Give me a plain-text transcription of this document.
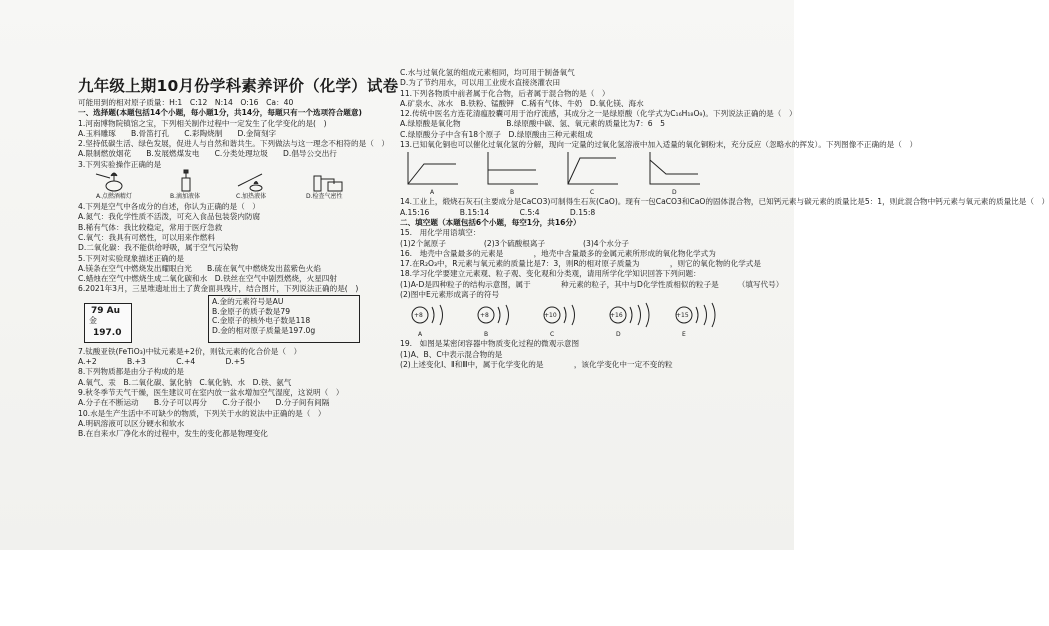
九年级上期10月份学科素养评价（化学）试卷
可能用到的相对原子质量：H:1　C:12　N:14　O:16　Ca：40
一、选择题(本题包括14个小题，每小题1分，共14分，每题只有一个选项符合题意)
1.河南博物院镇馆之宝，下列相关制作过程中一定发生了化学变化的是(　)
A.玉料雕琢　　B.骨笛打孔　　C.彩陶烧制　　D.金简刻字
2.坚持低碳生活、绿色发展，促进人与自然和谐共生。下列做法与这一理念不相符的是（　）
A.限制燃放烟花　　B.发展燃煤发电　　C.分类处理垃圾　　D.倡导公交出行
3.下列实验操作正确的是
A.点燃酒精灯	B.滴加液体	C.加热液体	D.检查气密性
4.下列是空气中各成分的自述，你认为正确的是（　）
A.氮气：我化学性质不活泼，可充入食品包装袋内防腐
B.稀有气体：我比较稳定，常用于医疗急救
C.氧气：我具有可燃性，可以用来作燃料
D.二氧化碳：我不能供给呼吸，属于空气污染物
5.下列对实验现象描述正确的是
A.镁条在空气中燃烧发出耀眼白光　　B.硫在氧气中燃烧发出蓝紫色火焰
C.蜡烛在空气中燃烧生成二氧化碳和水　D.铁丝在空气中剧烈燃烧，火星四射
6.2021年3月，三星堆遗址出土了黄金面具残片，结合图片，下列说法正确的是(　)
79 Au
金
197.0
A.金的元素符号是AU
B.金原子的质子数是79
C.金原子的核外电子数是118
D.金的相对原子质量是197.0g
7.钛酸亚铁(FeTiO₃)中钛元素是+2价，则钛元素的化合价是（　）
A.+2　　　　B.+3　　　　C.+4　　　　D.+5
8.下列物质都是由分子构成的是
A.氧气、汞　B.二氧化碳、氯化钠　C.氧化钠、水　D.铁、氨气
9.秋冬季节天气干燥，医生建议可在室内放一盆水增加空气湿度，这说明（　）
A.分子在不断运动　　B.分子可以再分　　C.分子很小　　D.分子间有间隔
10.水是生产生活中不可缺少的物质，下列关于水的说法中正确的是（　）
A.明矾溶液可以区分硬水和软水
B.在自来水厂净化水的过程中，发生的变化都是物理变化
C.水与过氧化氢的组成元素相同，均可用于制备氧气
D.为了节约用水，可以用工业废水直接浇灌农田
11.下列各物质中前者属于化合物，后者属于混合物的是（　）
A.矿泉水、冰水　B.铁粉、锰酸钾　C.稀有气体、牛奶　D.氧化镁、海水
12.传统中医名方连花清瘟胶囊可用于治疗流感，其成分之一是绿原酸（化学式为C₁₆H₁₈O₉)。下列说法正确的是（　）
A.绿原酸是氧化物　　　　　　B.绿原酸中碳、氢、氧元素的质量比为7：6　5
C.绿原酸分子中含有18个原子　D.绿原酸由三种元素组成
13.已知氧化铜也可以催化过氧化氢的分解，现向一定量的过氧化氢溶液中加入适量的氧化铜粉末，充分反应（忽略水的挥发）。下列图像不正确的是（　）
A	B	C	D
14.工业上，煅烧石灰石(主要成分是CaCO3)可制得生石灰(CaO)。现有一包CaCO3和CaO的固体混合物，已知钙元素与碳元素的质量比是5：1，则此混合物中钙元素与氧元素的质量比是（　）
A.15:16　　　　B.15:14　　　　C.5:4　　　　D.15:8
二、填空题（本题包括6个小题，每空1分，共16分）
15.　用化学用语填空：
(1)2个氮原子　　　　　(2)3个硫酸根离子　　　　　(3)4个水分子
16.　地壳中含量最多的元素是　　　　，地壳中含量最多的金属元素所形成的氧化物化学式为
17.在R₂O₃中，R元素与氧元素的质量比是7：3，则R的相对原子质量为　　　　，则它的氧化物的化学式是
18.学习化学要建立元素观、粒子观、变化观和分类观，请用所学化学知识回答下列问题：
(1)A-D是四种粒子的结构示意图，属于　　　　种元素的粒子，其中与D化学性质相似的粒子是　　　（填写代号）
(2)图中E元素形成离子的符号
+8	+8	+10	+16	+15
A	B	C	D	E
19.　如图是某密闭容器中物质变化过程的微观示意图
(1)A、B、C中表示混合物的是
(2)上述变化Ⅰ、Ⅱ和Ⅲ中，属于化学变化的是　　　　，该化学变化中一定不变的粒
